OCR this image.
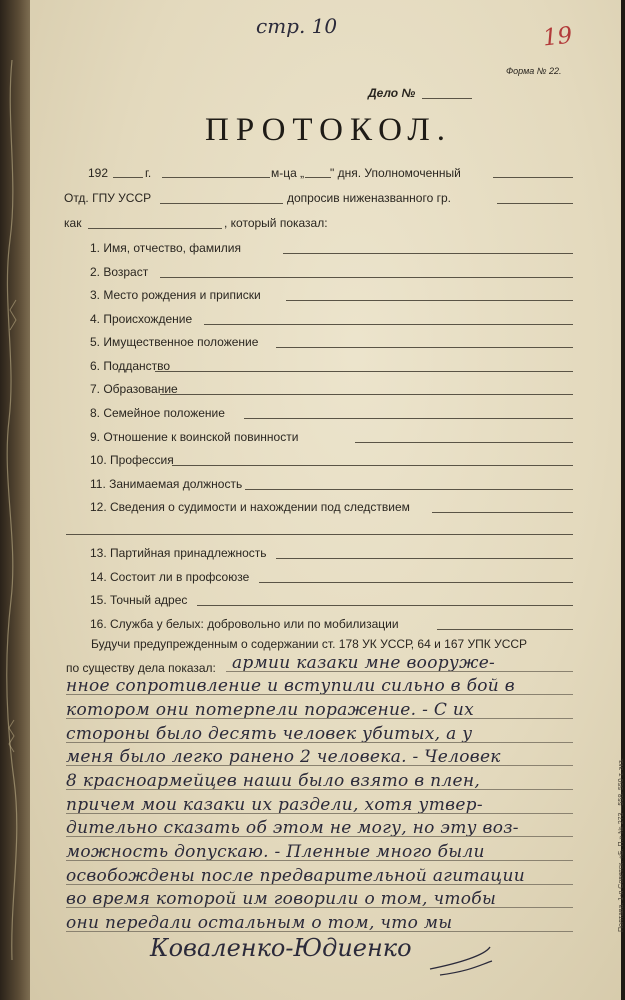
стр. 10	19
Форма № 22.
Дело №
ПРОТОКОЛ.
192	г.	м-ца „ " дня. Уполномоченный
Отд. ГПУ УССР	допросив ниженазванного гр.
как	, который показал:
1. Имя, отчество, фамилия
2. Возраст
3. Место рождения и приписки
4. Происхождение
5. Имущественное положение
6. Подданство
7. Образование
8. Семейное положение
9. Отношение к воинской повинности
10. Профессия
11. Занимаемая должность
12. Сведения о судимости и нахождении под следствием
13. Партийная принадлежность
14. Состоит ли в профсоюзе
15. Точный адрес
16. Служба у белых: добровольно или по мобилизации
Будучи предупрежденным о содержании ст. 178 УК УССР, 64 и 167 УПК УССР
по существу дела показал: армии казаки мне вооруже-
нное сопротивление и вступили сильно в бой в
котором они потерпели поражение. - С их
стороны было десять человек убитых, а у
меня было легко ранено 2 человека. - Человек
8 красноармейцев наши было взято в плен,
причем мои казаки их раздели, хотя утвер-
дительно сказать об этом не могу, но эту воз-
можность допускаю. - Пленные много были
освобождены после предварительной агитации
во время которой им говорили о том, чтобы
они передали остальным о том, что мы
Коваленко-Юдиенко
Полтава. 1-я Советск. «Б. П.» № 273—558. 550 т. экз.
